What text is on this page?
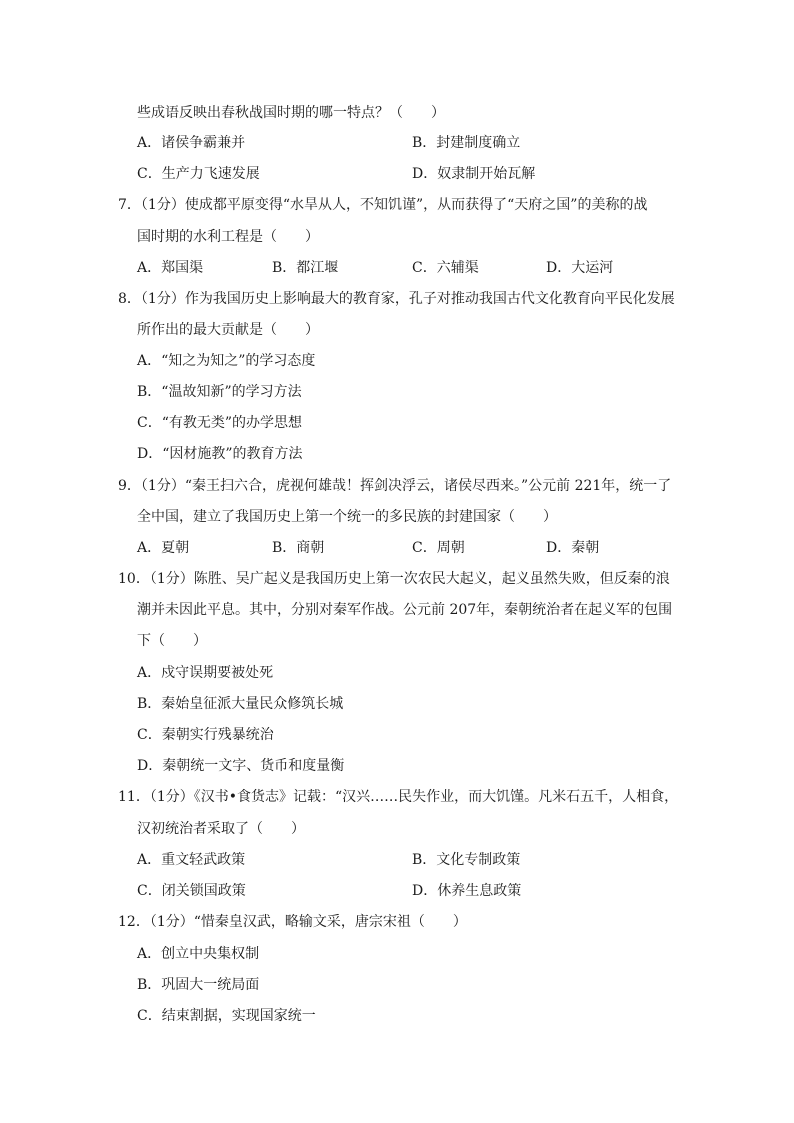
些成语反映出春秋战国时期的哪一特点？（　　）
A．诸侯争霸兼并	B．封建制度确立
C．生产力飞速发展	D．奴隶制开始瓦解
7．（1分）使成都平原变得“水旱从人，不知饥谨”，从而获得了“天府之国”的美称的战
国时期的水利工程是（　　）
A．郑国渠	B．都江堰	C．六辅渠	D．大运河
8．（1分）作为我国历史上影响最大的教育家，孔子对推动我国古代文化教育向平民化发展
所作出的最大贡献是（　　）
A．“知之为知之”的学习态度
B．“温故知新”的学习方法
C．“有教无类”的办学思想
D．“因材施教”的教育方法
9．（1分）“秦王扫六合，虎视何雄哉！挥剑决浮云，诸侯尽西来。”公元前 221年，统一了
全中国，建立了我国历史上第一个统一的多民族的封建国家（　　）
A．夏朝	B．商朝	C．周朝	D．秦朝
10．（1分）陈胜、吴广起义是我国历史上第一次农民大起义，起义虽然失败，但反秦的浪
潮并未因此平息。其中，分别对秦军作战。公元前 207年，秦朝统治者在起义军的包围
下（　　）
A．戍守误期要被处死
B．秦始皇征派大量民众修筑长城
C．秦朝实行残暴统治
D．秦朝统一文字、货币和度量衡
11．（1分）《汉书•食货志》记载：“汉兴……民失作业，而大饥馑。凡米石五千，人相食，
汉初统治者采取了（　　）
A．重文轻武政策	B．文化专制政策
C．闭关锁国政策	D．休养生息政策
12．（1分）“惜秦皇汉武，略输文采，唐宗宋祖（　　）
A．创立中央集权制
B．巩固大一统局面
C．结束割据，实现国家统一
